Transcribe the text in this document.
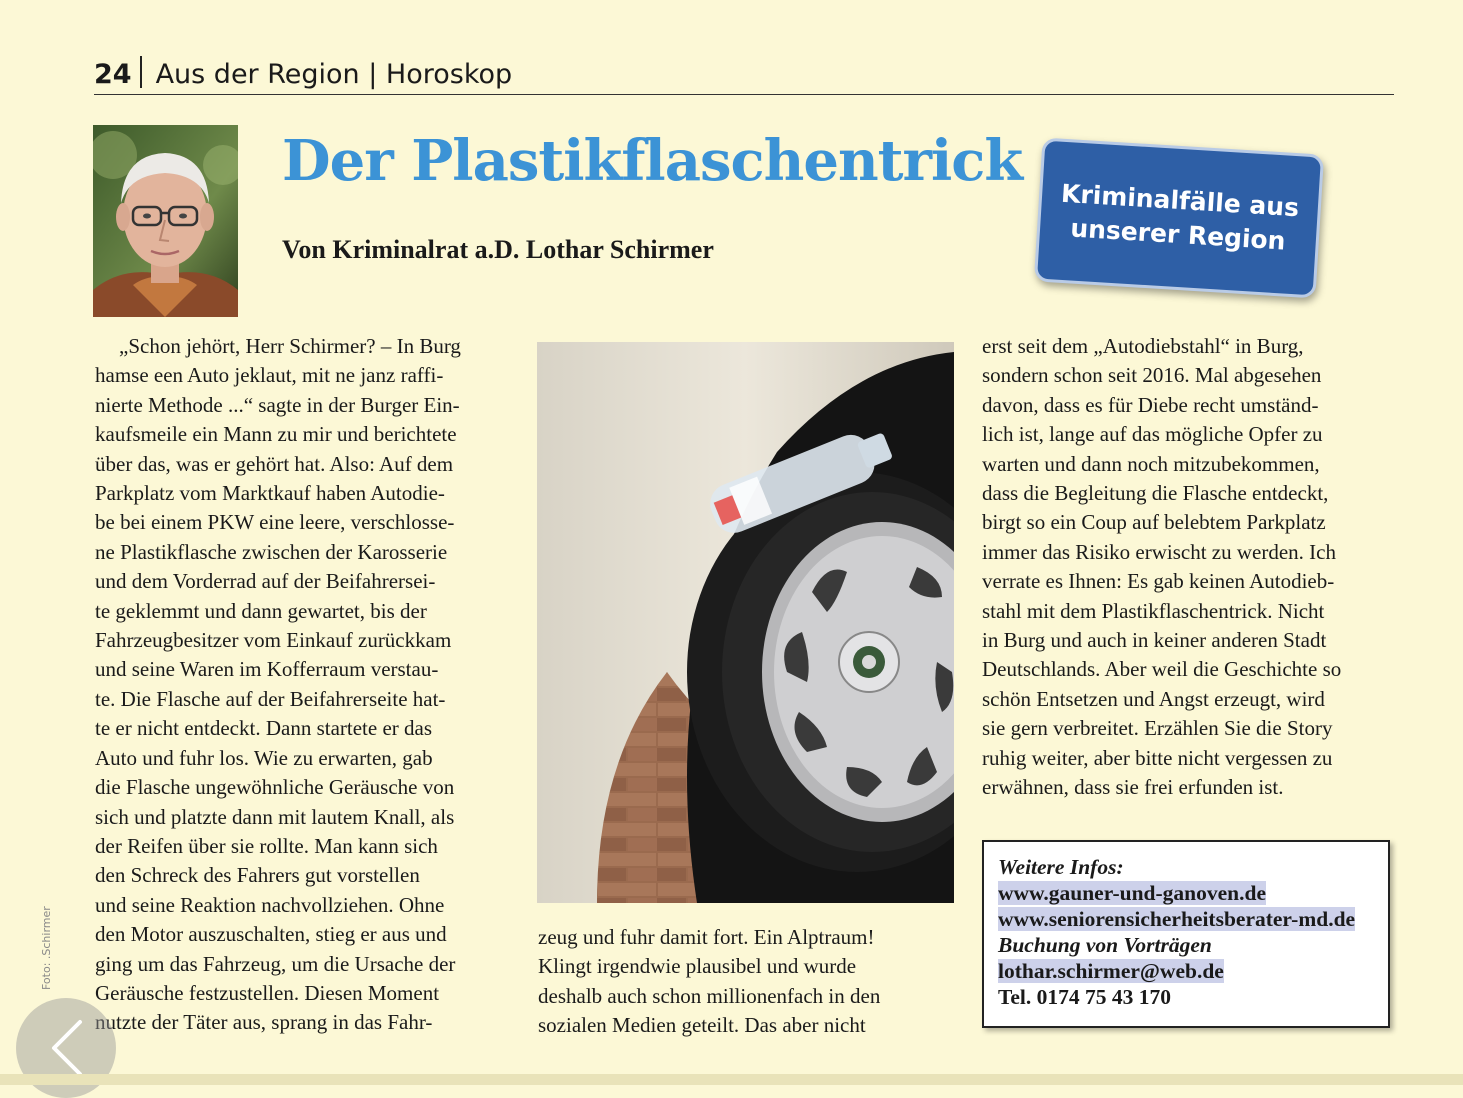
24 Aus der Region | Horoskop
Der Plastikflaschentrick
Von Kriminalrat a.D. Lothar Schirmer
Kriminalfälle aus
unserer Region
„Schon jehört, Herr Schirmer? – In Burg
hamse een Auto jeklaut, mit ne janz raffi-
nierte Methode ...“ sagte in der Burger Ein-
kaufsmeile ein Mann zu mir und berichtete
über das, was er gehört hat. Also: Auf dem
Parkplatz vom Marktkauf haben Autodie-
be bei einem PKW eine leere, verschlosse-
ne Plastikflasche zwischen der Karosserie
und dem Vorderrad auf der Beifahrersei-
te geklemmt und dann gewartet, bis der
Fahrzeugbesitzer vom Einkauf zurückkam
und seine Waren im Kofferraum verstau-
te. Die Flasche auf der Beifahrerseite hat-
te er nicht entdeckt. Dann startete er das
Auto und fuhr los. Wie zu erwarten, gab
die Flasche ungewöhnliche Geräusche von
sich und platzte dann mit lautem Knall, als
der Reifen über sie rollte. Man kann sich
den Schreck des Fahrers gut vorstellen
und seine Reaktion nachvollziehen. Ohne
den Motor auszuschalten, stieg er aus und
ging um das Fahrzeug, um die Ursache der
Geräusche festzustellen. Diesen Moment
nutzte der Täter aus, sprang in das Fahr-
zeug und fuhr damit fort. Ein Alptraum!
Klingt irgendwie plausibel und wurde
deshalb auch schon millionenfach in den
sozialen Medien geteilt. Das aber nicht
erst seit dem „Autodiebstahl“ in Burg,
sondern schon seit 2016. Mal abgesehen
davon, dass es für Diebe recht umständ-
lich ist, lange auf das mögliche Opfer zu
warten und dann noch mitzubekommen,
dass die Begleitung die Flasche entdeckt,
birgt so ein Coup auf belebtem Parkplatz
immer das Risiko erwischt zu werden. Ich
verrate es Ihnen: Es gab keinen Autodieb-
stahl mit dem Plastikflaschentrick. Nicht
in Burg und auch in keiner anderen Stadt
Deutschlands. Aber weil die Geschichte so
schön Entsetzen und Angst erzeugt, wird
sie gern verbreitet. Erzählen Sie die Story
ruhig weiter, aber bitte nicht vergessen zu
erwähnen, dass sie frei erfunden ist.
Foto: .Schirmer
Weitere Infos:
www.gauner-und-ganoven.de
www.seniorensicherheitsberater-md.de
Buchung von Vorträgen
lothar.schirmer@web.de
Tel. 0174 75 43 170
